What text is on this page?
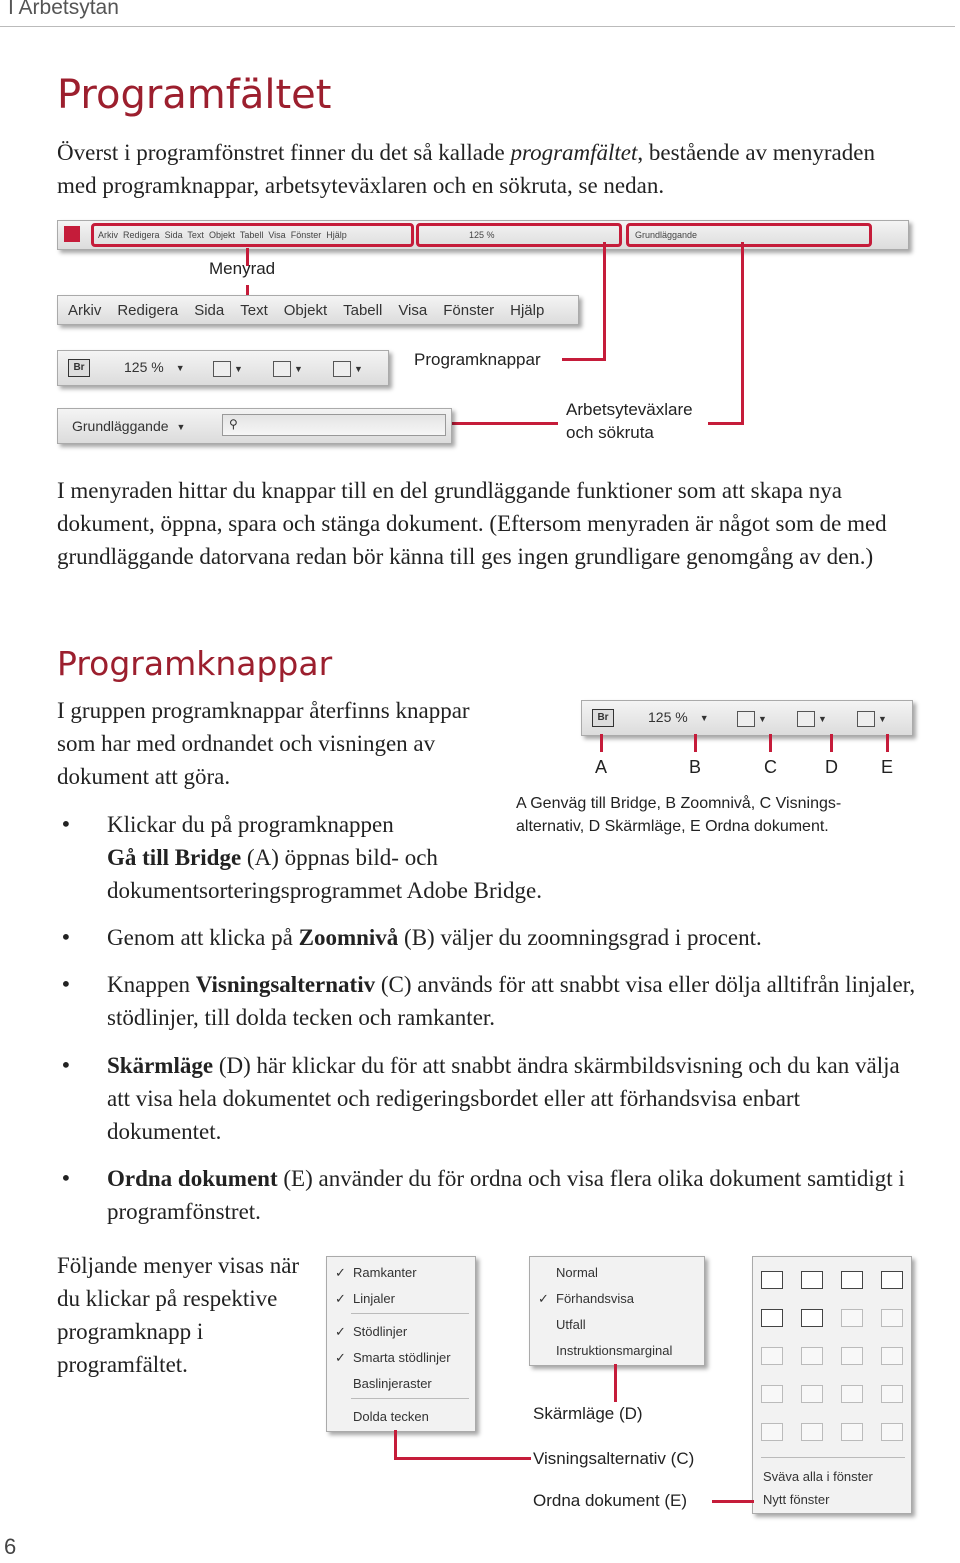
I Arbetsytan
Programfältet
Överst i programfönstret finner du det så kallade programfältet, bestående av menyraden med programknappar, arbetsyteväxlaren och en sökruta, se nedan.
Arkiv Redigera Sida Text Objekt Tabell Visa Fönster Hjälp	125 %	Grundläggande
Menyrad
Programknappar
Arbetsyteväxlare
och sökruta
Arkiv Redigera Sida Text Objekt Tabell Visa Fönster Hjälp
Br	125 % ▼	▼	▼	▼
Grundläggande ▼	⚲
I menyraden hittar du knappar till en del grundläggande funktioner som att skapa nya dokument, öppna, spara och stänga dokument. (Eftersom menyraden är något som de med grundläggande datorvana redan bör känna till ges ingen grundligare genomgång av den.)
Programknappar
I gruppen programknappar återfinns knappar som har med ordnandet och visningen av dokument att göra.
Br	125 % ▼	▼	▼	▼
A	B	C	D E
A Genväg till Bridge, B Zoomnivå, C Visnings-
alternativ, D Skärmläge, E Ordna dokument.
• Klickar du på programknappen
Gå till Bridge (A) öppnas bild- och dokumentsorteringsprogrammet Adobe Bridge.
• Genom att klicka på Zoomnivå (B) väljer du zoomningsgrad i procent.
• Knappen Visningsalternativ (C) används för att snabbt visa eller dölja alltifrån linjaler, stödlinjer, till dolda tecken och ramkanter.
• Skärmläge (D) här klickar du för att snabbt ändra skärmbildsvisning och du kan välja att visa hela dokumentet och redigeringsbordet eller att förhandsvisa enbart dokumentet.
• Ordna dokument (E) använder du för ordna och visa flera olika dokument samtidigt i programfönstret.
Följande menyer visas när du klickar på respektive programknapp i programfältet.
✓ Ramkanter
✓ Linjaler
✓ Stödlinjer
✓ Smarta stödlinjer
Baslinjeraster
Dolda tecken
Normal
✓ Förhandsvisa
Utfall
Instruktionsmarginal
Sväva alla i fönster
Nytt fönster
Skärmläge (D)
Visningsalternativ (C)
Ordna dokument (E)
6
